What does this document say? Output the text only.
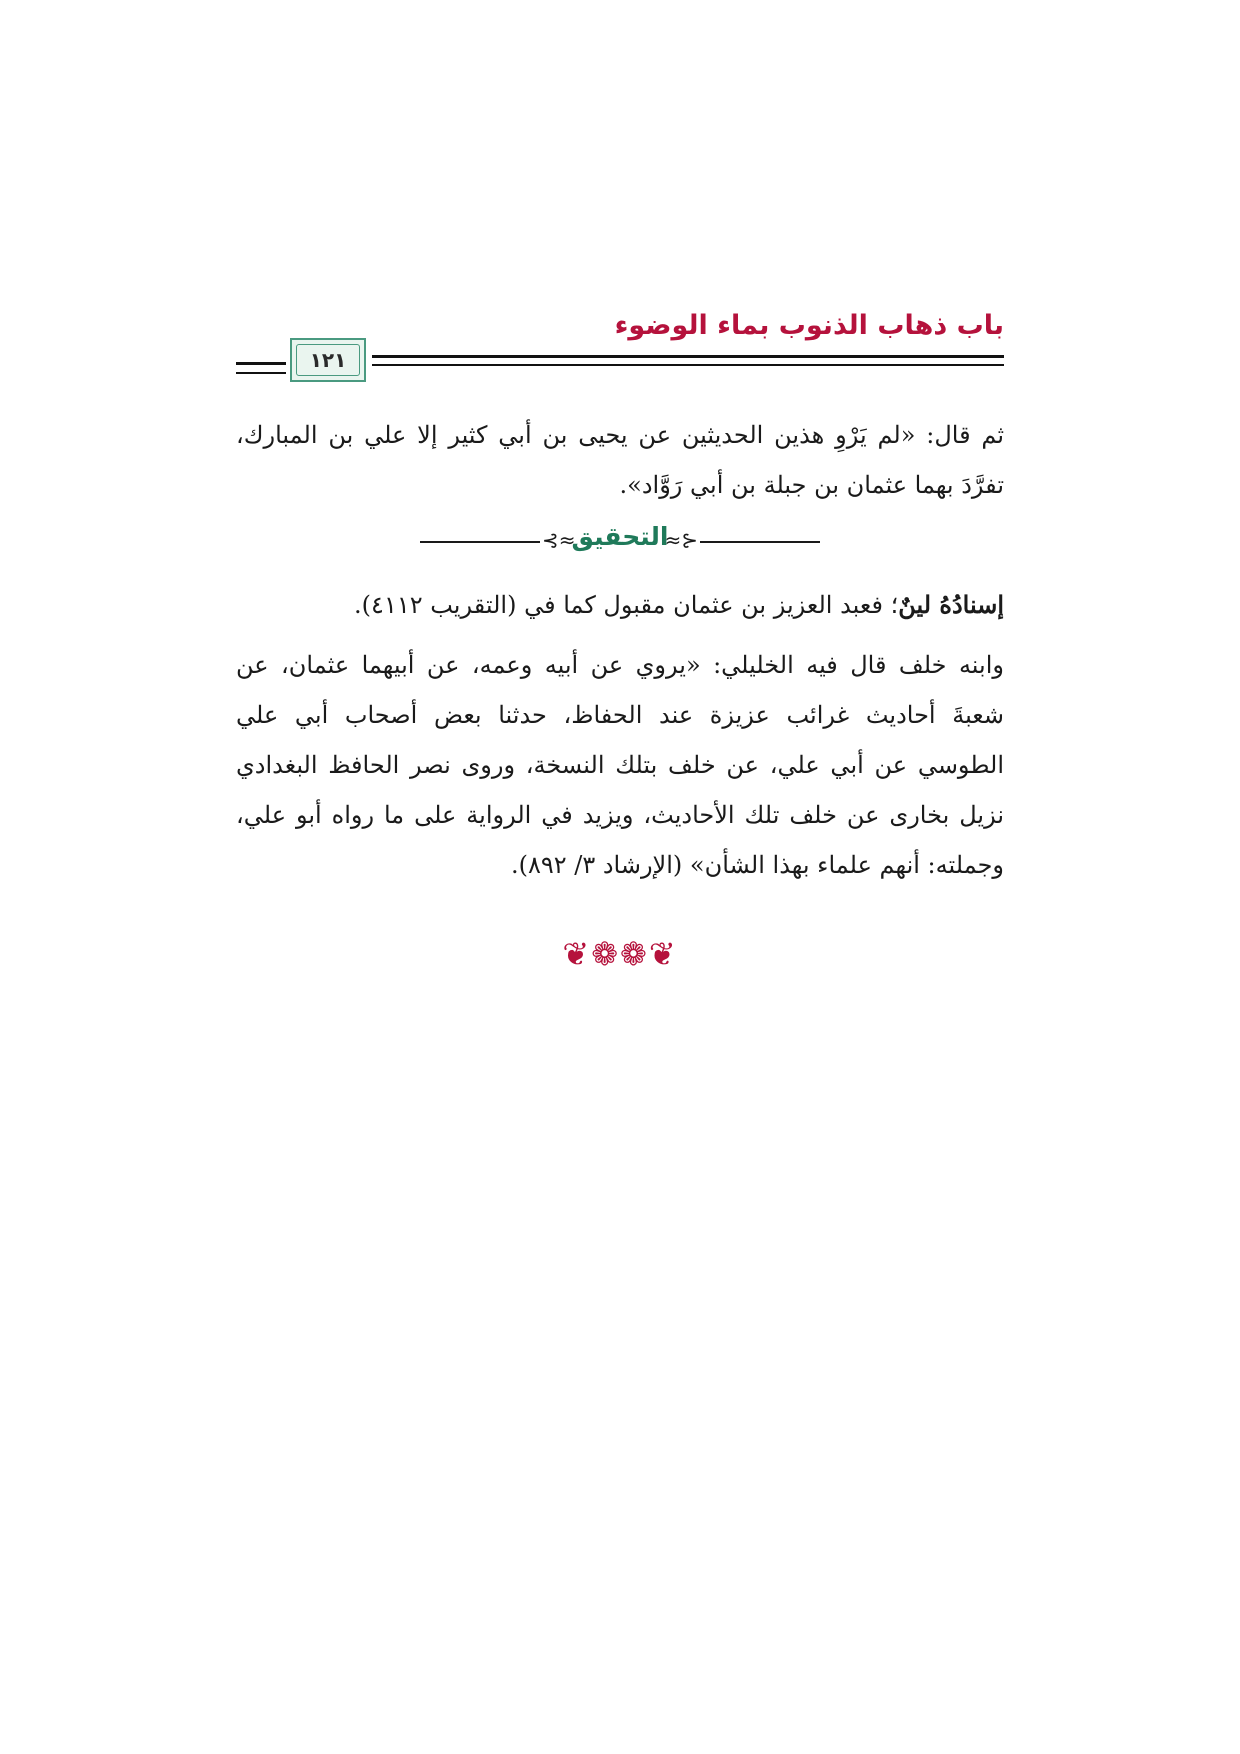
باب ذهاب الذنوب بماء الوضوء
١٢١
ثم قال: «لم يَرْوِ هذين الحديثين عن يحيى بن أبي كثير إلا علي بن المبارك، تفرَّدَ بهما عثمان بن جبلة بن أبي رَوَّاد».
⊰≈
التحقيق
≈⊱
إسنادُهُ لينٌ؛ فعبد العزيز بن عثمان مقبول كما في (التقريب ٤١١٢).
وابنه خلف قال فيه الخليلي: «يروي عن أبيه وعمه، عن أبيهما عثمان، عن شعبةَ أحاديث غرائب عزيزة عند الحفاظ، حدثنا بعض أصحاب أبي علي الطوسي عن أبي علي، عن خلف بتلك النسخة، وروى نصر الحافظ البغدادي نزيل بخارى عن خلف تلك الأحاديث، ويزيد في الرواية على ما رواه أبو علي، وجملته: أنهم علماء بهذا الشأن» (الإرشاد ٣/ ٨٩٢).
❦❁❁❦
